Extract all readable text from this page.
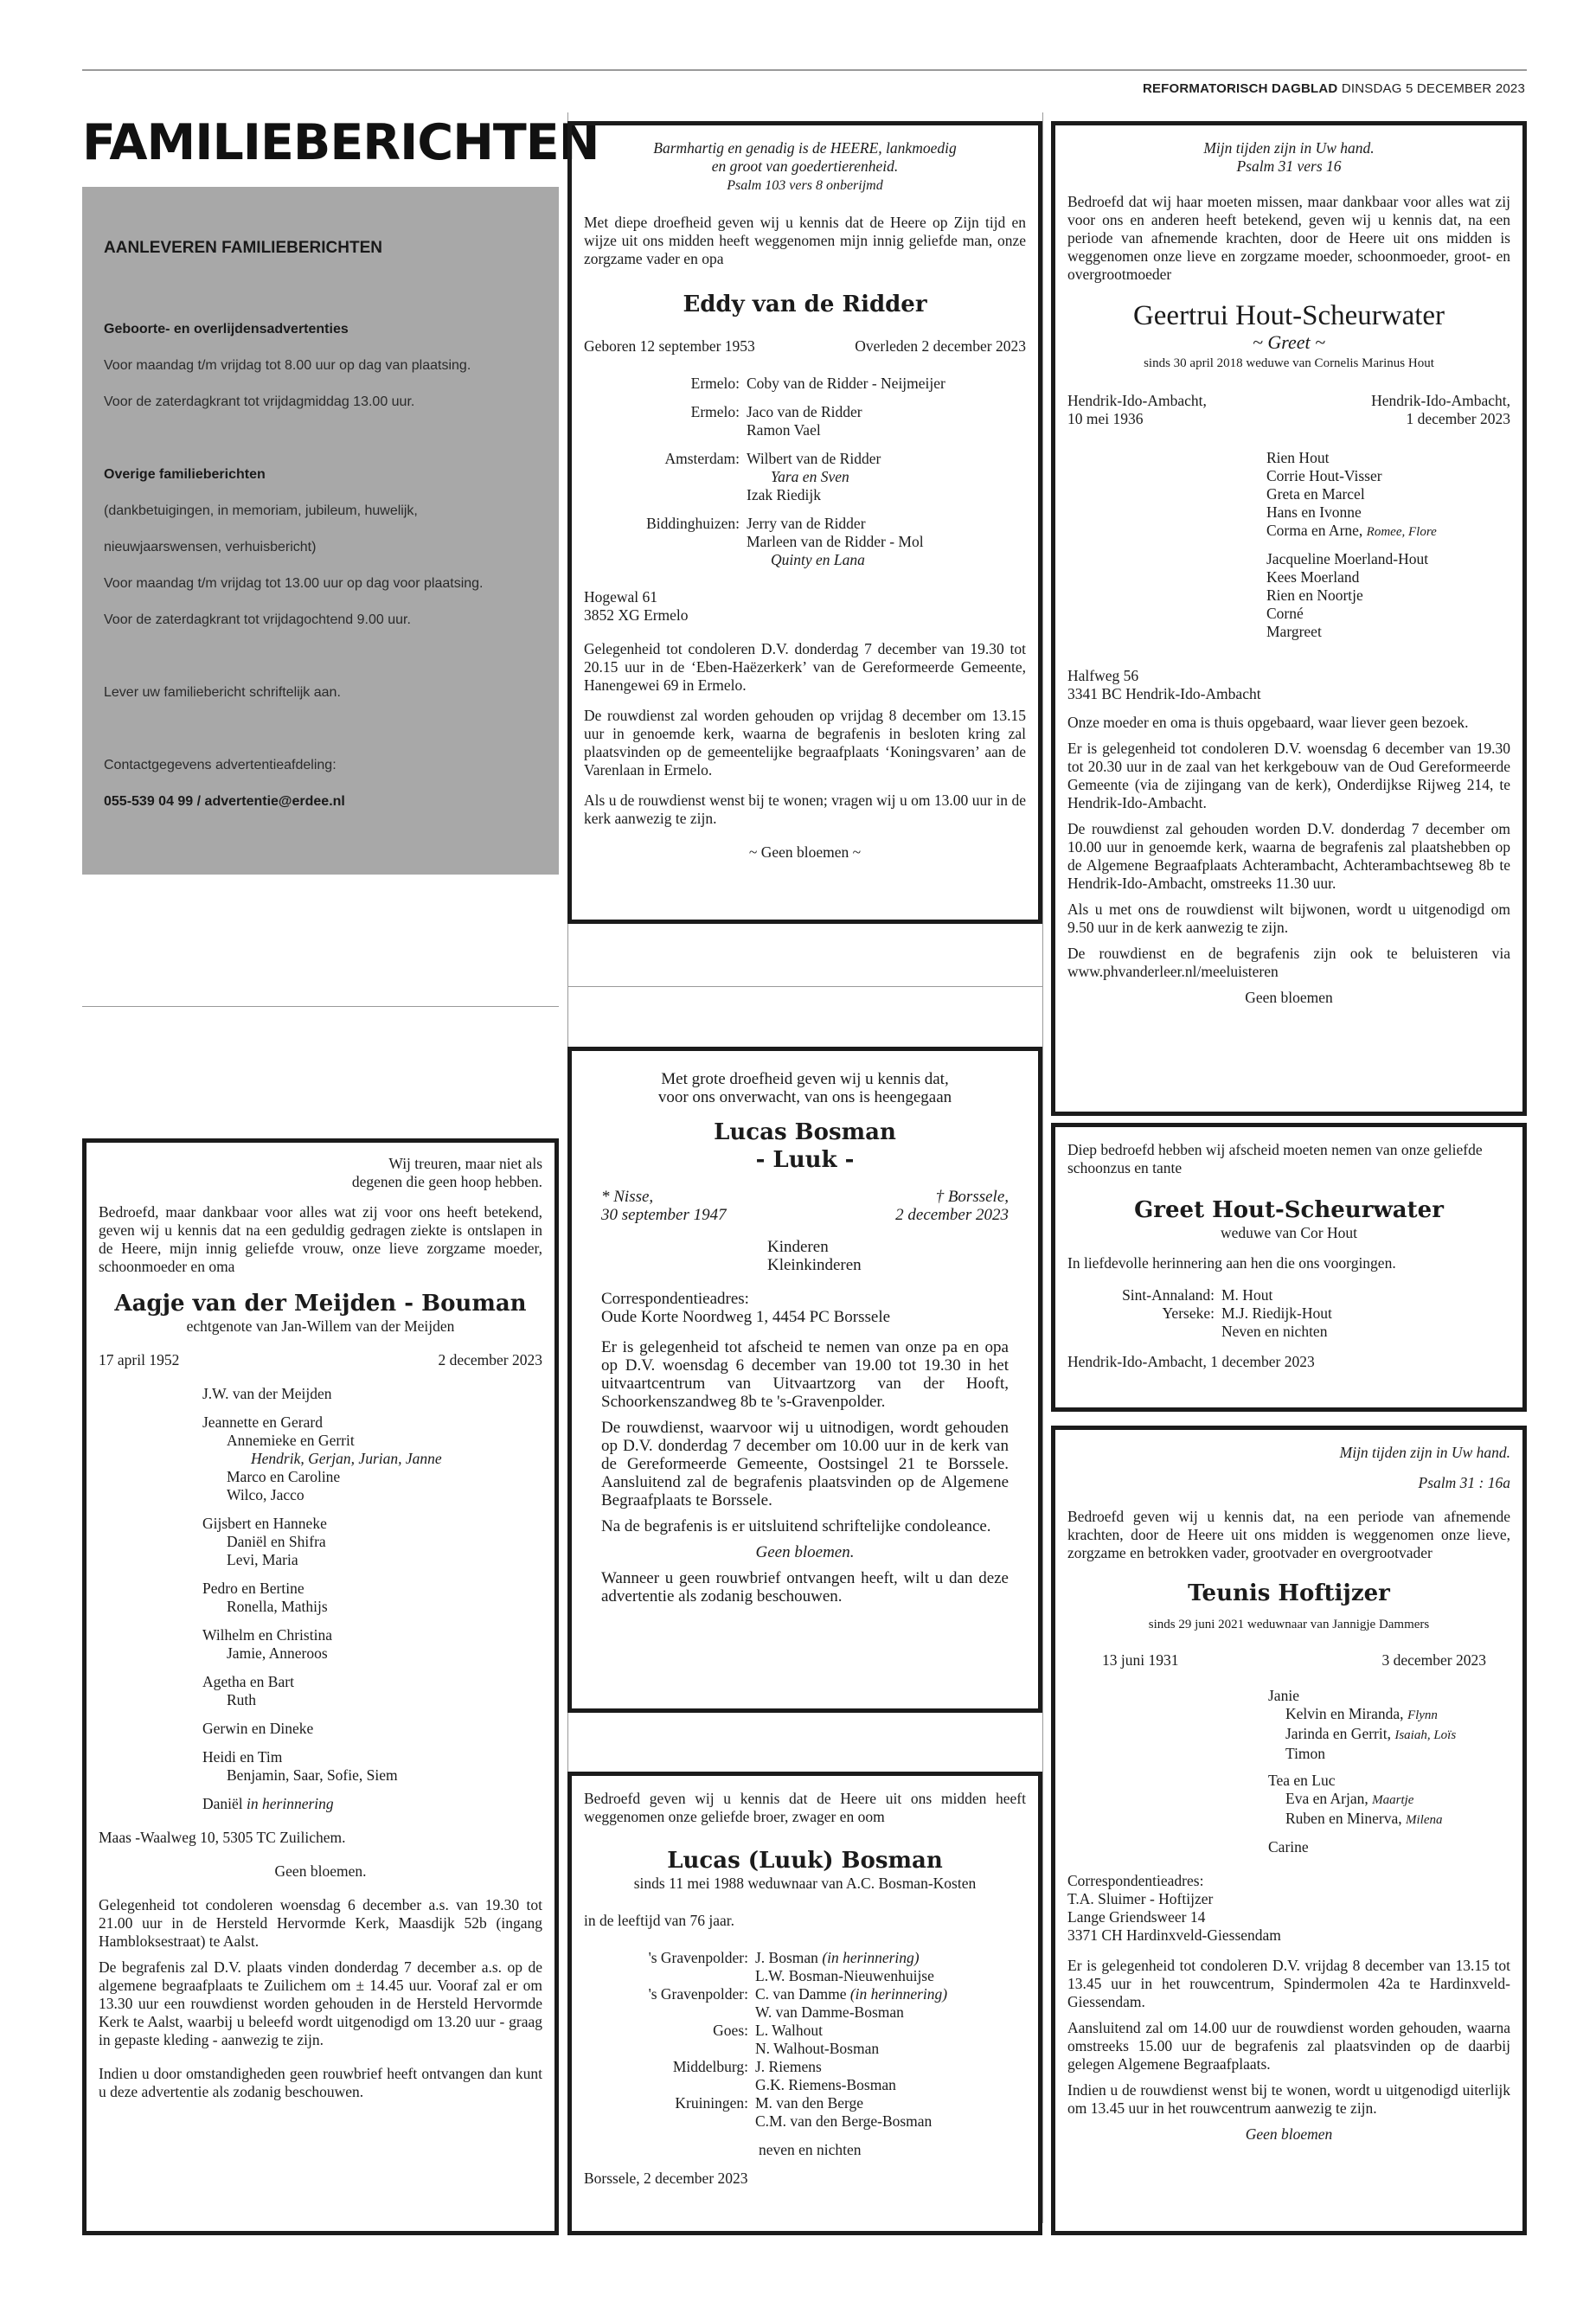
REFORMATORISCH DAGBLAD DINSDAG 5 DECEMBER 2023
FAMILIEBERICHTEN
AANLEVEREN FAMILIEBERICHTEN
Geboorte- en overlijdensadvertenties
Voor maandag t/m vrijdag tot 8.00 uur op dag van plaatsing.
Voor de zaterdagkrant tot vrijdagmiddag 13.00 uur.
Overige familieberichten
(dankbetuigingen, in memoriam, jubileum, huwelijk,
nieuwjaarswensen, verhuisbericht)
Voor maandag t/m vrijdag tot 13.00 uur op dag voor plaatsing.
Voor de zaterdagkrant tot vrijdagochtend 9.00 uur.
Lever uw familiebericht schriftelijk aan.
Contactgegevens advertentieafdeling:
055-539 04 99 / advertentie@erdee.nl

Wij treuren, maar niet als
degenen die geen hoop hebben.

Bedroefd, maar dankbaar voor alles wat zij voor ons heeft betekend, geven wij u kennis dat na een geduldig gedragen ziekte is ontslapen in de Heere, mijn innig geliefde vrouw, onze lieve zorgzame moeder, schoonmoeder en oma

Aagje van der Meijden - Bouman

echtgenote van Jan-Willem van der Meijden

17 april 1952	2 december 2023
J.W. van der Meijden
Jeannette en Gerard
Annemieke en Gerrit
Hendrik, Gerjan, Jurian, Janne
Marco en Caroline
Wilco, Jacco
Gijsbert en Hanneke
Daniël en Shifra
Levi, Maria
Pedro en Bertine
Ronella, Mathijs
Wilhelm en Christina
Jamie, Anneroos
Agetha en Bart
Ruth
Gerwin en Dineke
Heidi en Tim
Benjamin, Saar, Sofie, Siem

Daniël in herinnering

Maas -Waalweg 10, 5305 TC Zuilichem.

Geen bloemen.

Gelegenheid tot condoleren woensdag 6 december a.s. van 19.30 tot 21.00 uur in de Hersteld Hervormde Kerk, Maasdijk 52b (ingang Hambloksestraat) te Aalst.

De begrafenis zal D.V. plaats vinden donderdag 7 december a.s. op de algemene begraafplaats te Zuilichem om ± 14.45 uur. Vooraf zal er om 13.30 uur een rouwdienst worden gehouden in de Hersteld Hervormde Kerk te Aalst, waarbij u beleefd wordt uitgenodigd om 13.20 uur - graag in gepaste kleding - aanwezig te zijn.

Indien u door omstandigheden geen rouwbrief heeft ontvangen dan kunt u deze advertentie als zodanig beschouwen.

Barmhartig en genadig is de HEERE, lankmoedig
en groot van goedertierenheid.
Psalm 103 vers 8 onberijmd

Met diepe droefheid geven wij u kennis dat de Heere op Zijn tijd en wijze uit ons midden heeft weggenomen mijn innig geliefde man, onze zorgzame vader en opa

Eddy van de Ridder
Geboren 12 september 1953	Overleden 2 december 2023
Ermelo: Coby van de Ridder - Neijmeijer
Ermelo: Jaco van de Ridder
Ramon Vael
Amsterdam: Wilbert van de Ridder
Yara en Sven
Izak Riedijk
Biddinghuizen: Jerry van de Ridder
Marleen van de Ridder - Mol
Quinty en Lana

Hogewal 61
3852 XG Ermelo

Gelegenheid tot condoleren D.V. donderdag 7 december van 19.30 tot 20.15 uur in de ‘Eben-Haëzerkerk’ van de Gereformeerde Gemeente, Hanengewei 69 in Ermelo.

De rouwdienst zal worden gehouden op vrijdag 8 december om 13.15 uur in genoemde kerk, waarna de begrafenis in besloten kring zal plaatsvinden op de gemeentelijke begraafplaats ‘Koningsvaren’ aan de Varenlaan in Ermelo.

Als u de rouwdienst wenst bij te wonen; vragen wij u om 13.00 uur in de kerk aanwezig te zijn.

~ Geen bloemen ~

Met grote droefheid geven wij u kennis dat,
voor ons onverwacht, van ons is heengegaan

Lucas Bosman
- Luuk -
* Nisse,
30 september 1947
† Borssele,
2 december 2023

Kinderen
Kleinkinderen

Correspondentieadres:
Oude Korte Noordweg 1, 4454 PC Borssele

Er is gelegenheid tot afscheid te nemen van onze pa en opa op D.V. woensdag 6 december van 19.00 tot 19.30 in het uitvaartcentrum van Uitvaartzorg van der Hooft, Schoorkenszandweg 8b te 's-Gravenpolder.

De rouwdienst, waarvoor wij u uitnodigen, wordt gehouden op D.V. donderdag 7 december om 10.00 uur in de kerk van de Gereformeerde Gemeente, Oostsingel 21 te Borssele. Aansluitend zal de begrafenis plaatsvinden op de Algemene Begraafplaats te Borssele.

Na de begrafenis is er uitsluitend schriftelijke condoleance.

Geen bloemen.

Wanneer u geen rouwbrief ontvangen heeft, wilt u dan deze advertentie als zodanig beschouwen.

Bedroefd geven wij u kennis dat de Heere uit ons midden heeft weggenomen onze geliefde broer, zwager en oom

Lucas (Luuk) Bosman

sinds 11 mei 1988 weduwnaar van A.C. Bosman-Kosten

in de leeftijd van 76 jaar.

's Gravenpolder: J. Bosman (in herinnering)
L.W. Bosman-Nieuwenhuijse
's Gravenpolder: C. van Damme (in herinnering)
W. van Damme-Bosman
Goes: L. Walhout
N. Walhout-Bosman
Middelburg: J. Riemens
G.K. Riemens-Bosman
Kruiningen: M. van den Berge
C.M. van den Berge-Bosman

neven en nichten

Borssele, 2 december 2023

Mijn tijden zijn in Uw hand.
Psalm 31 vers 16

Bedroefd dat wij haar moeten missen, maar dankbaar voor alles wat zij voor ons en anderen heeft betekend, geven wij u kennis dat, na een periode van afnemende krachten, door de Heere uit ons midden is weggenomen onze lieve en zorgzame moeder, schoonmoeder, groot- en overgrootmoeder

Geertrui Hout-Scheurwater

~ Greet ~

sinds 30 april 2018 weduwe van Cornelis Marinus Hout

Hendrik-Ido-Ambacht,
10 mei 1936
Hendrik-Ido-Ambacht,
1 december 2023
Rien Hout
Corrie Hout-Visser
Greta en Marcel
Hans en Ivonne
Corma en Arne, Romee, Flore
Jacqueline Moerland-Hout
Kees Moerland
Rien en Noortje
Corné
Margreet

Halfweg 56
3341 BC Hendrik-Ido-Ambacht

Onze moeder en oma is thuis opgebaard, waar liever geen bezoek.

Er is gelegenheid tot condoleren D.V. woensdag 6 december van 19.30 tot 20.30 uur in de zaal van het kerkgebouw van de Oud Gereformeerde Gemeente (via de zijingang van de kerk), Onderdijkse Rijweg 214, te Hendrik-Ido-Ambacht.

De rouwdienst zal gehouden worden D.V. donderdag 7 december om 10.00 uur in genoemde kerk, waarna de begrafenis zal plaatshebben op de Algemene Begraafplaats Achterambacht, Achterambachtseweg 8b te Hendrik-Ido-Ambacht, omstreeks 11.30 uur.

Als u met ons de rouwdienst wilt bijwonen, wordt u uitgenodigd om 9.50 uur in de kerk aanwezig te zijn.

De rouwdienst en de begrafenis zijn ook te beluisteren via www.phvanderleer.nl/meeluisteren

Geen bloemen

Diep bedroefd hebben wij afscheid moeten nemen van onze geliefde schoonzus en tante

Greet Hout-Scheurwater

weduwe van Cor Hout

In liefdevolle herinnering aan hen die ons voorgingen.

Sint-Annaland: M. Hout
Yerseke: M.J. Riedijk-Hout
Neven en nichten

Hendrik-Ido-Ambacht, 1 december 2023

Mijn tijden zijn in Uw hand.

Psalm 31 : 16a

Bedroefd geven wij u kennis dat, na een periode van afnemende krachten, door de Heere uit ons midden is weggenomen onze lieve, zorgzame en betrokken vader, grootvader en overgrootvader

Teunis Hoftijzer

sinds 29 juni 2021 weduwnaar van Jannigje Dammers

13 juni 1931	3 december 2023
Janie
Kelvin en Miranda, Flynn
Jarinda en Gerrit, Isaiah, Loïs
Timon
Tea en Luc
Eva en Arjan, Maartje
Ruben en Minerva, Milena
Carine

Correspondentieadres:
T.A. Sluimer - Hoftijzer
Lange Griendsweer 14
3371 CH Hardinxveld-Giessendam

Er is gelegenheid tot condoleren D.V. vrijdag 8 december van 13.15 tot 13.45 uur in het rouwcentrum, Spindermolen 42a te Hardinxveld-Giessendam.

Aansluitend zal om 14.00 uur de rouwdienst worden gehouden, waarna omstreeks 15.00 uur de begrafenis zal plaatsvinden op de daarbij gelegen Algemene Begraafplaats.

Indien u de rouwdienst wenst bij te wonen, wordt u uitgenodigd uiterlijk om 13.45 uur in het rouwcentrum aanwezig te zijn.

Geen bloemen
